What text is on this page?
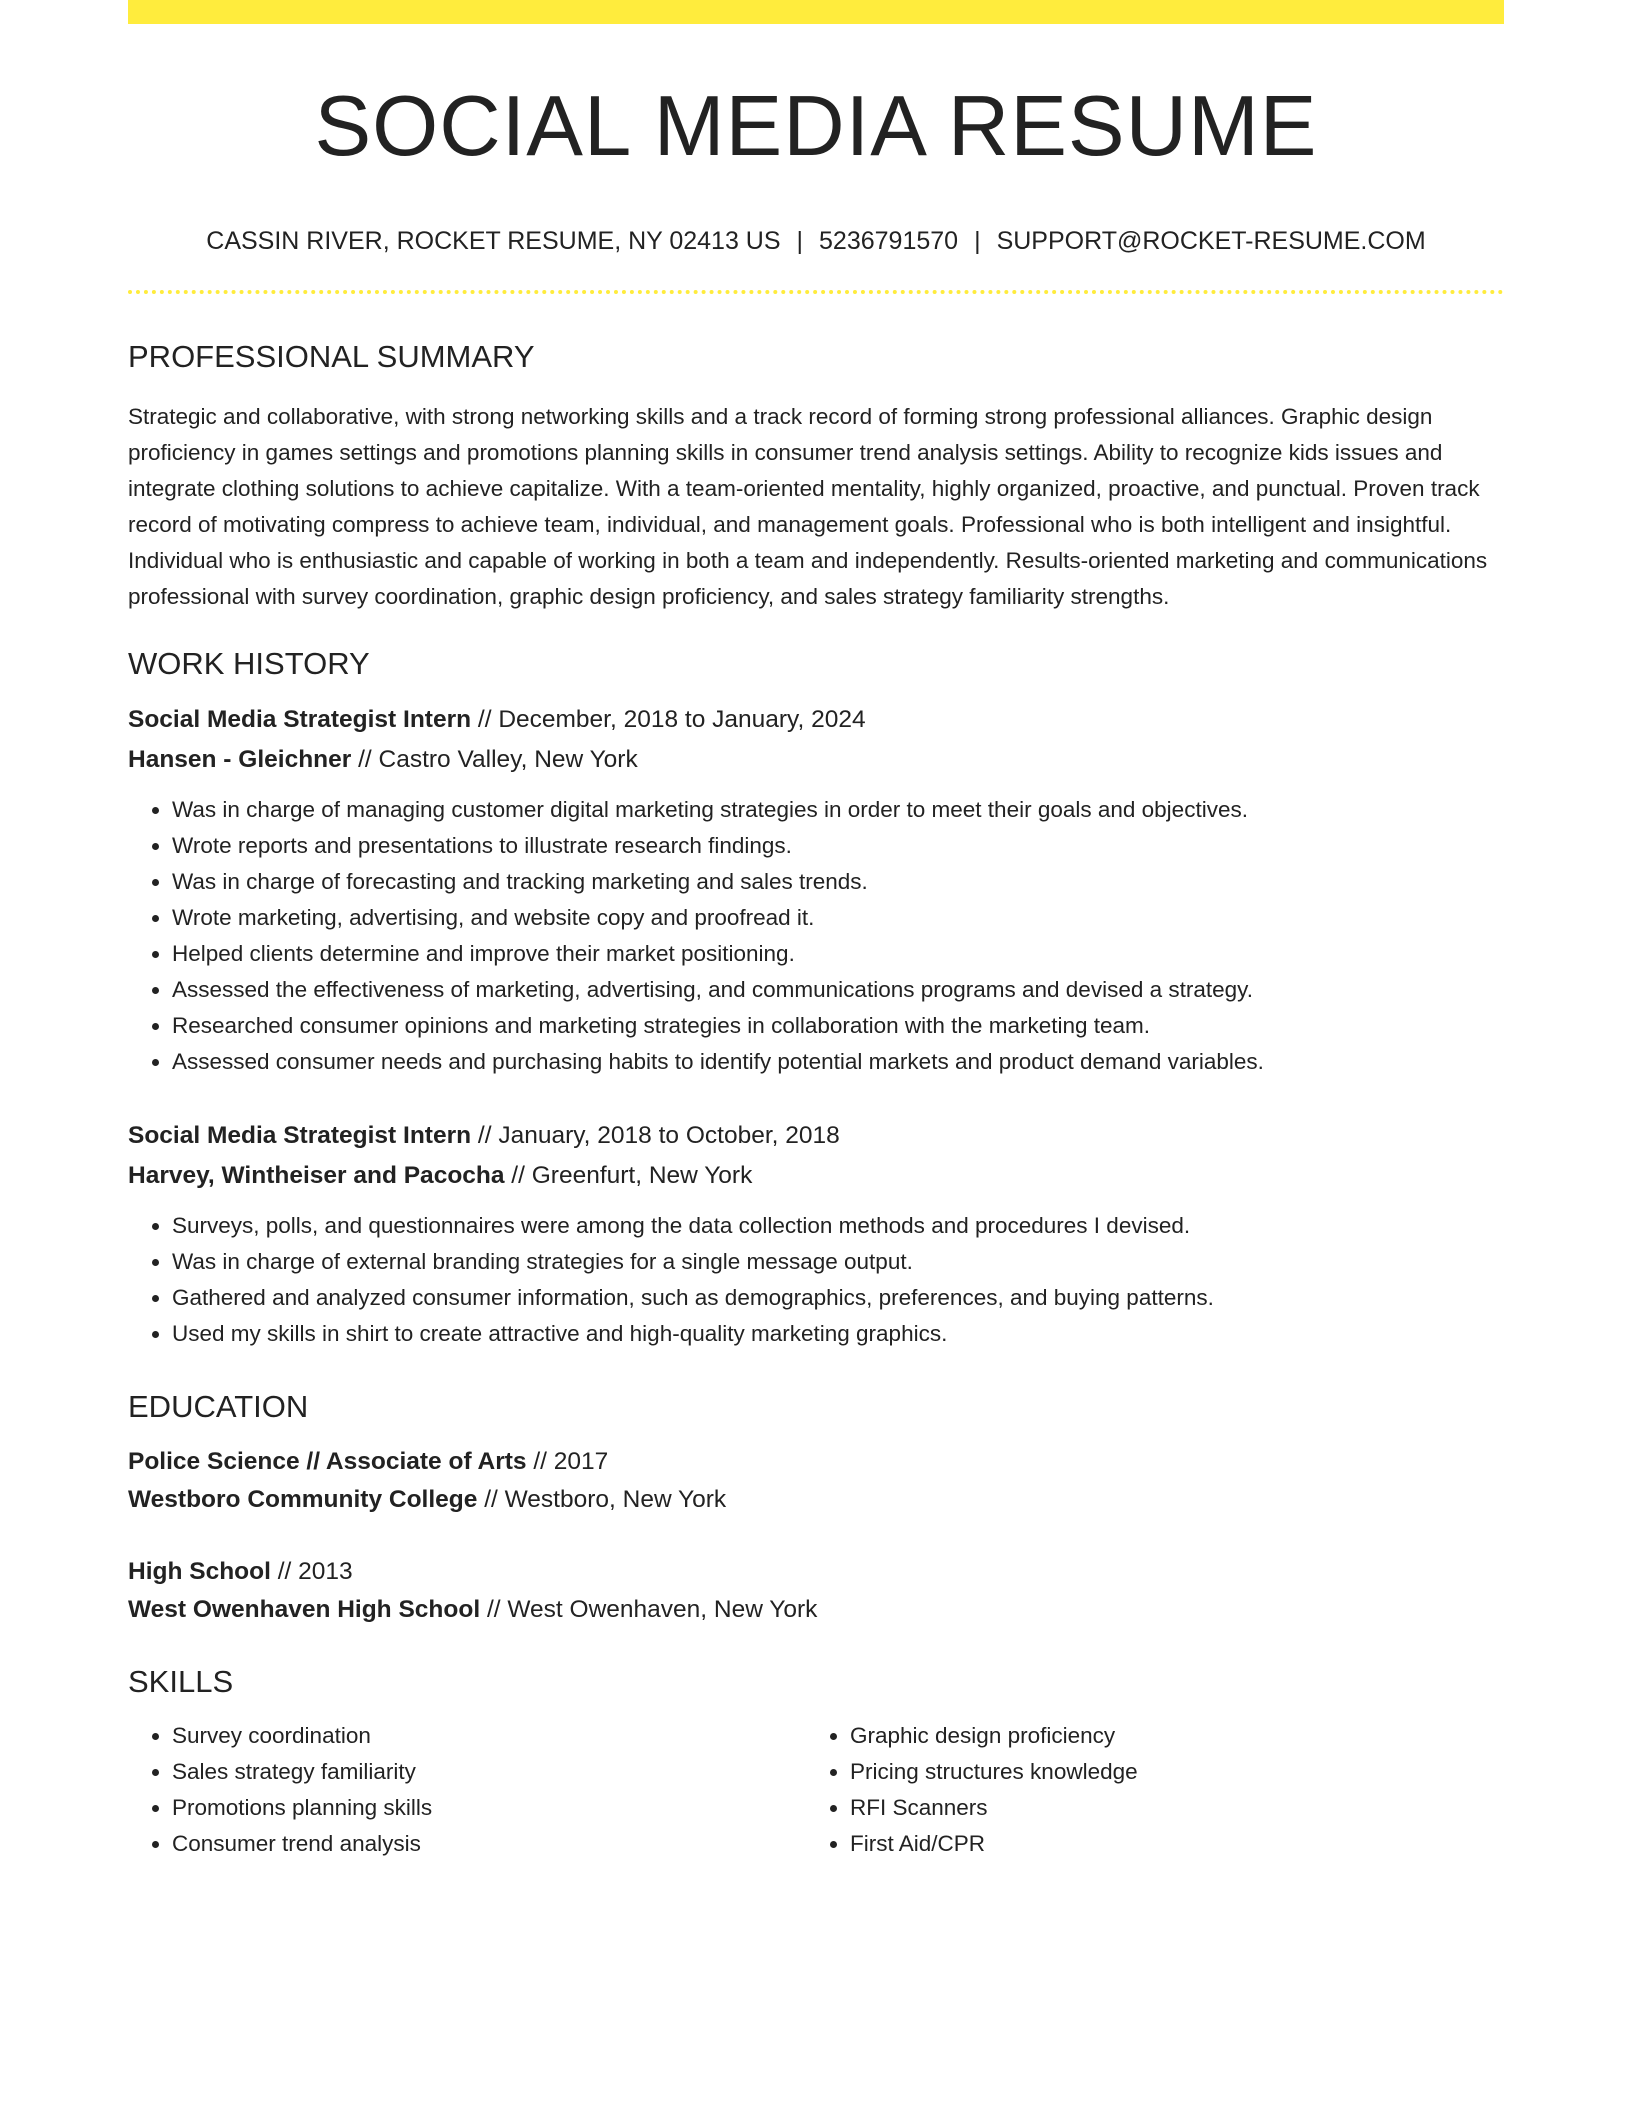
SOCIAL MEDIA RESUME
CASSIN RIVER, ROCKET RESUME, NY 02413 US | 5236791570 | SUPPORT@ROCKET-RESUME.COM
PROFESSIONAL SUMMARY
Strategic and collaborative, with strong networking skills and a track record of forming strong professional alliances. Graphic design proficiency in games settings and promotions planning skills in consumer trend analysis settings. Ability to recognize kids issues and integrate clothing solutions to achieve capitalize. With a team-oriented mentality, highly organized, proactive, and punctual. Proven track record of motivating compress to achieve team, individual, and management goals. Professional who is both intelligent and insightful. Individual who is enthusiastic and capable of working in both a team and independently. Results-oriented marketing and communications professional with survey coordination, graphic design proficiency, and sales strategy familiarity strengths.
WORK HISTORY
Social Media Strategist Intern // December, 2018 to January, 2024
Hansen - Gleichner // Castro Valley, New York
• Was in charge of managing customer digital marketing strategies in order to meet their goals and objectives.
• Wrote reports and presentations to illustrate research findings.
• Was in charge of forecasting and tracking marketing and sales trends.
• Wrote marketing, advertising, and website copy and proofread it.
• Helped clients determine and improve their market positioning.
• Assessed the effectiveness of marketing, advertising, and communications programs and devised a strategy.
• Researched consumer opinions and marketing strategies in collaboration with the marketing team.
• Assessed consumer needs and purchasing habits to identify potential markets and product demand variables.
Social Media Strategist Intern // January, 2018 to October, 2018
Harvey, Wintheiser and Pacocha // Greenfurt, New York
• Surveys, polls, and questionnaires were among the data collection methods and procedures I devised.
• Was in charge of external branding strategies for a single message output.
• Gathered and analyzed consumer information, such as demographics, preferences, and buying patterns.
• Used my skills in shirt to create attractive and high-quality marketing graphics.
EDUCATION
Police Science // Associate of Arts // 2017
Westboro Community College // Westboro, New York
High School // 2013
West Owenhaven High School // West Owenhaven, New York
SKILLS
• Survey coordination
• Sales strategy familiarity
• Promotions planning skills
• Consumer trend analysis
• Graphic design proficiency
• Pricing structures knowledge
• RFI Scanners
• First Aid/CPR
